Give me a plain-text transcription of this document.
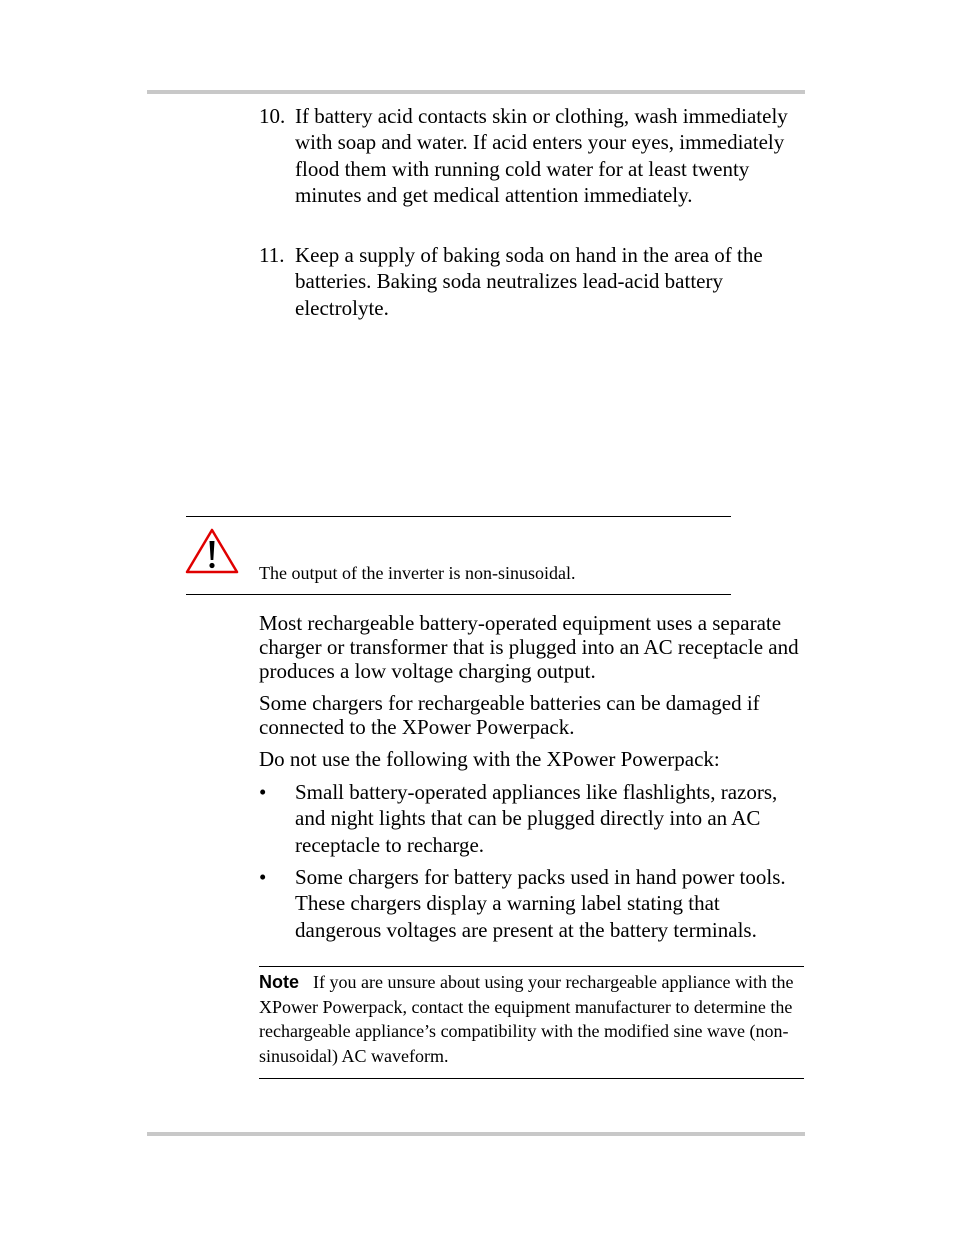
10. If battery acid contacts skin or clothing, wash immediately with soap and water. If acid enters your eyes, immediately flood them with running cold water for at least twenty minutes and get medical attention immediately.
11. Keep a supply of baking soda on hand in the area of the batteries. Baking soda neutralizes lead-acid battery electrolyte.
The output of the inverter is non-sinusoidal.

Most rechargeable battery-operated equipment uses a separate charger or transformer that is plugged into an AC receptacle and produces a low voltage charging output.

Some chargers for rechargeable batteries can be damaged if connected to the XPower Powerpack.

Do not use the following with the XPower Powerpack:

• Small battery-operated appliances like flashlights, razors, and night lights that can be plugged directly into an AC receptacle to recharge.
• Some chargers for battery packs used in hand power tools. These chargers display a warning label stating that dangerous voltages are present at the battery terminals.
Note If you are unsure about using your rechargeable appliance with the XPower Powerpack, contact the equipment manufacturer to determine the rechargeable appliance’s compatibility with the modified sine wave (non-sinusoidal) AC waveform.
